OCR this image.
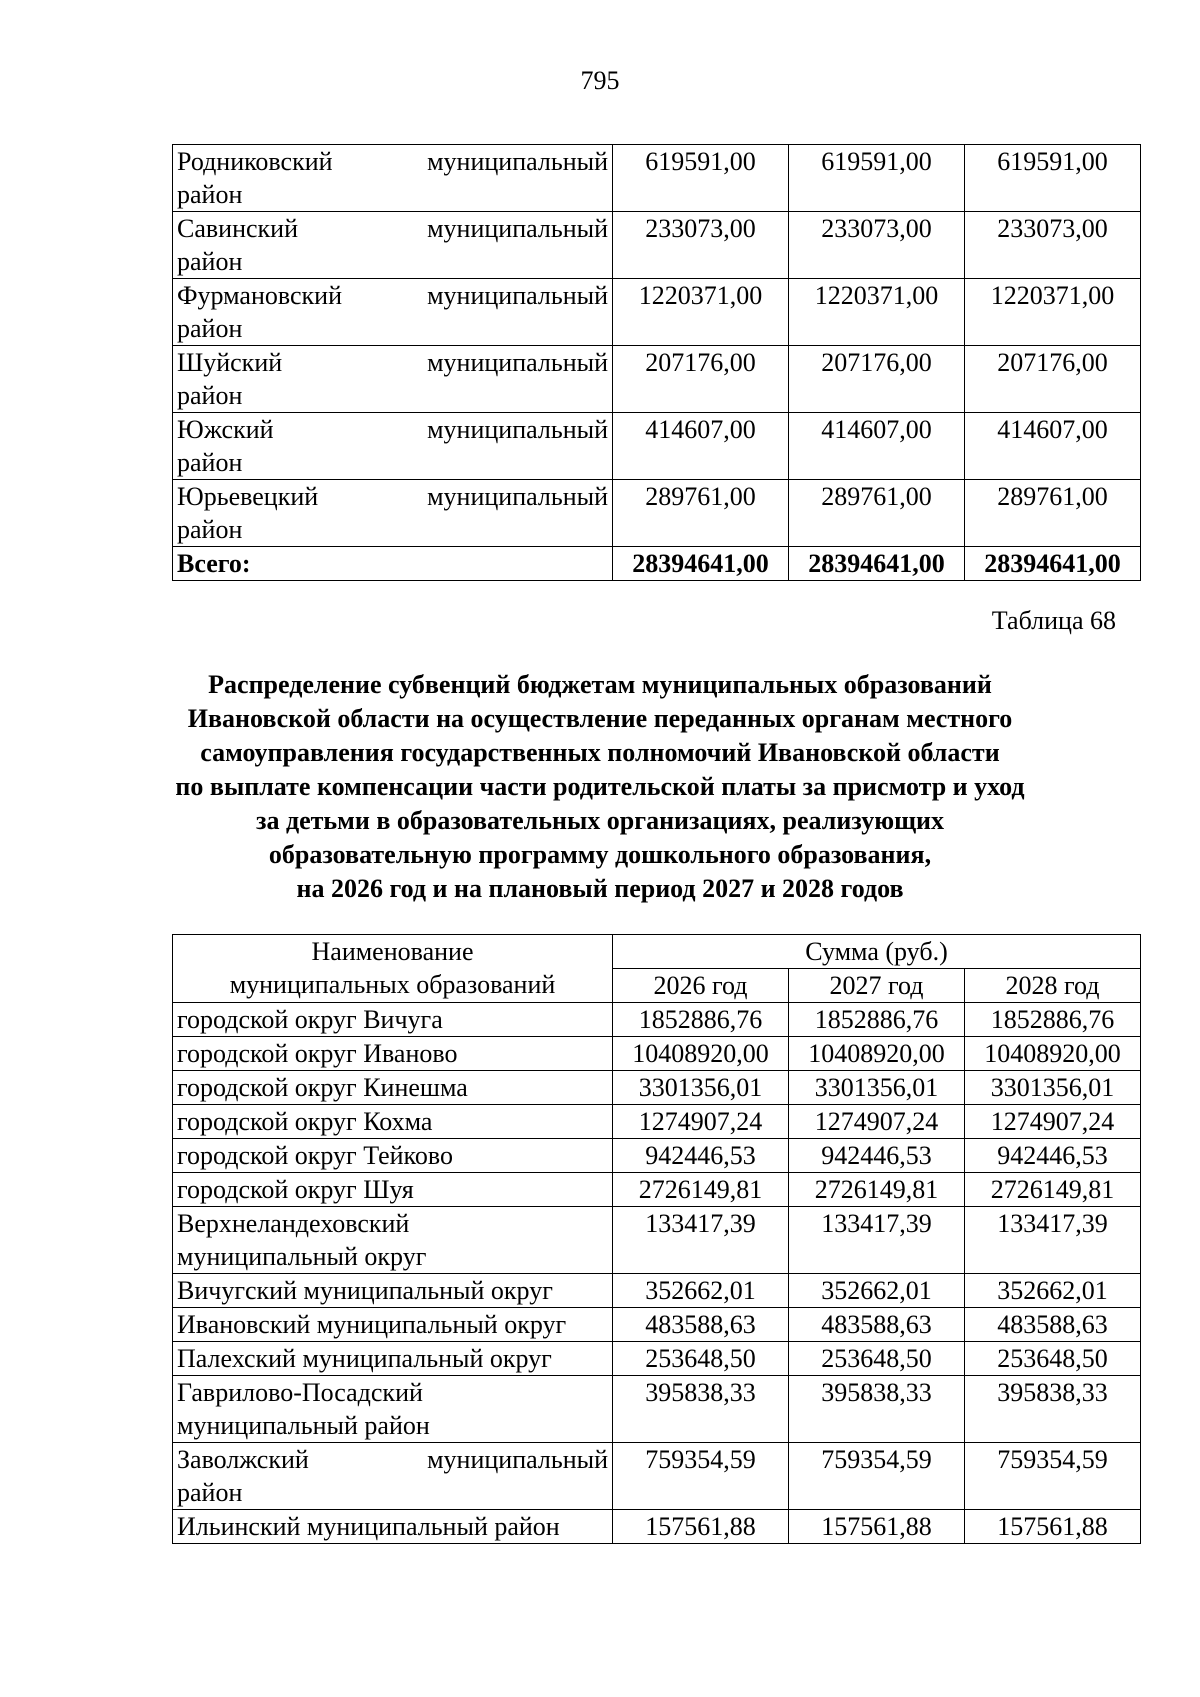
795
Родниковский муниципальный
район	619591,00	619591,00	619591,00

Савинский муниципальный
район	233073,00	233073,00	233073,00

Фурмановский муниципальный
район	1220371,00	1220371,00	1220371,00

Шуйский муниципальный
район	207176,00	207176,00	207176,00

Южский муниципальный
район	414607,00	414607,00	414607,00

Юрьевецкий муниципальный
район	289761,00	289761,00	289761,00
Всего:	28394641,00	28394641,00	28394641,00
Таблица 68
Распределение субвенций бюджетам муниципальных образований
Ивановской области на осуществление переданных органам местного
самоуправления государственных полномочий Ивановской области
по выплате компенсации части родительской платы за присмотр и уход
за детьми в образовательных организациях, реализующих
образовательную программу дошкольного образования,
на 2026 год и на плановый период 2027 и 2028 годов
Наименование
муниципальных образований	Сумма (руб.)		
	2026 год	2027 год	2028 год

городской округ Вичуга	1852886,76	1852886,76	1852886,76

городской округ Иваново	10408920,00	10408920,00	10408920,00

городской округ Кинешма	3301356,01	3301356,01	3301356,01

городской округ Кохма	1274907,24	1274907,24	1274907,24

городской округ Тейково	942446,53	942446,53	942446,53

городской округ Шуя	2726149,81	2726149,81	2726149,81

Верхнеландеховский
муниципальный округ	133417,39	133417,39	133417,39

Вичугский муниципальный округ	352662,01	352662,01	352662,01

Ивановский муниципальный округ	483588,63	483588,63	483588,63

Палехский муниципальный округ	253648,50	253648,50	253648,50

Гаврилово-Посадский
муниципальный район	395838,33	395838,33	395838,33

Заволжский муниципальный
район	759354,59	759354,59	759354,59

Ильинский муниципальный район	157561,88	157561,88	157561,88
